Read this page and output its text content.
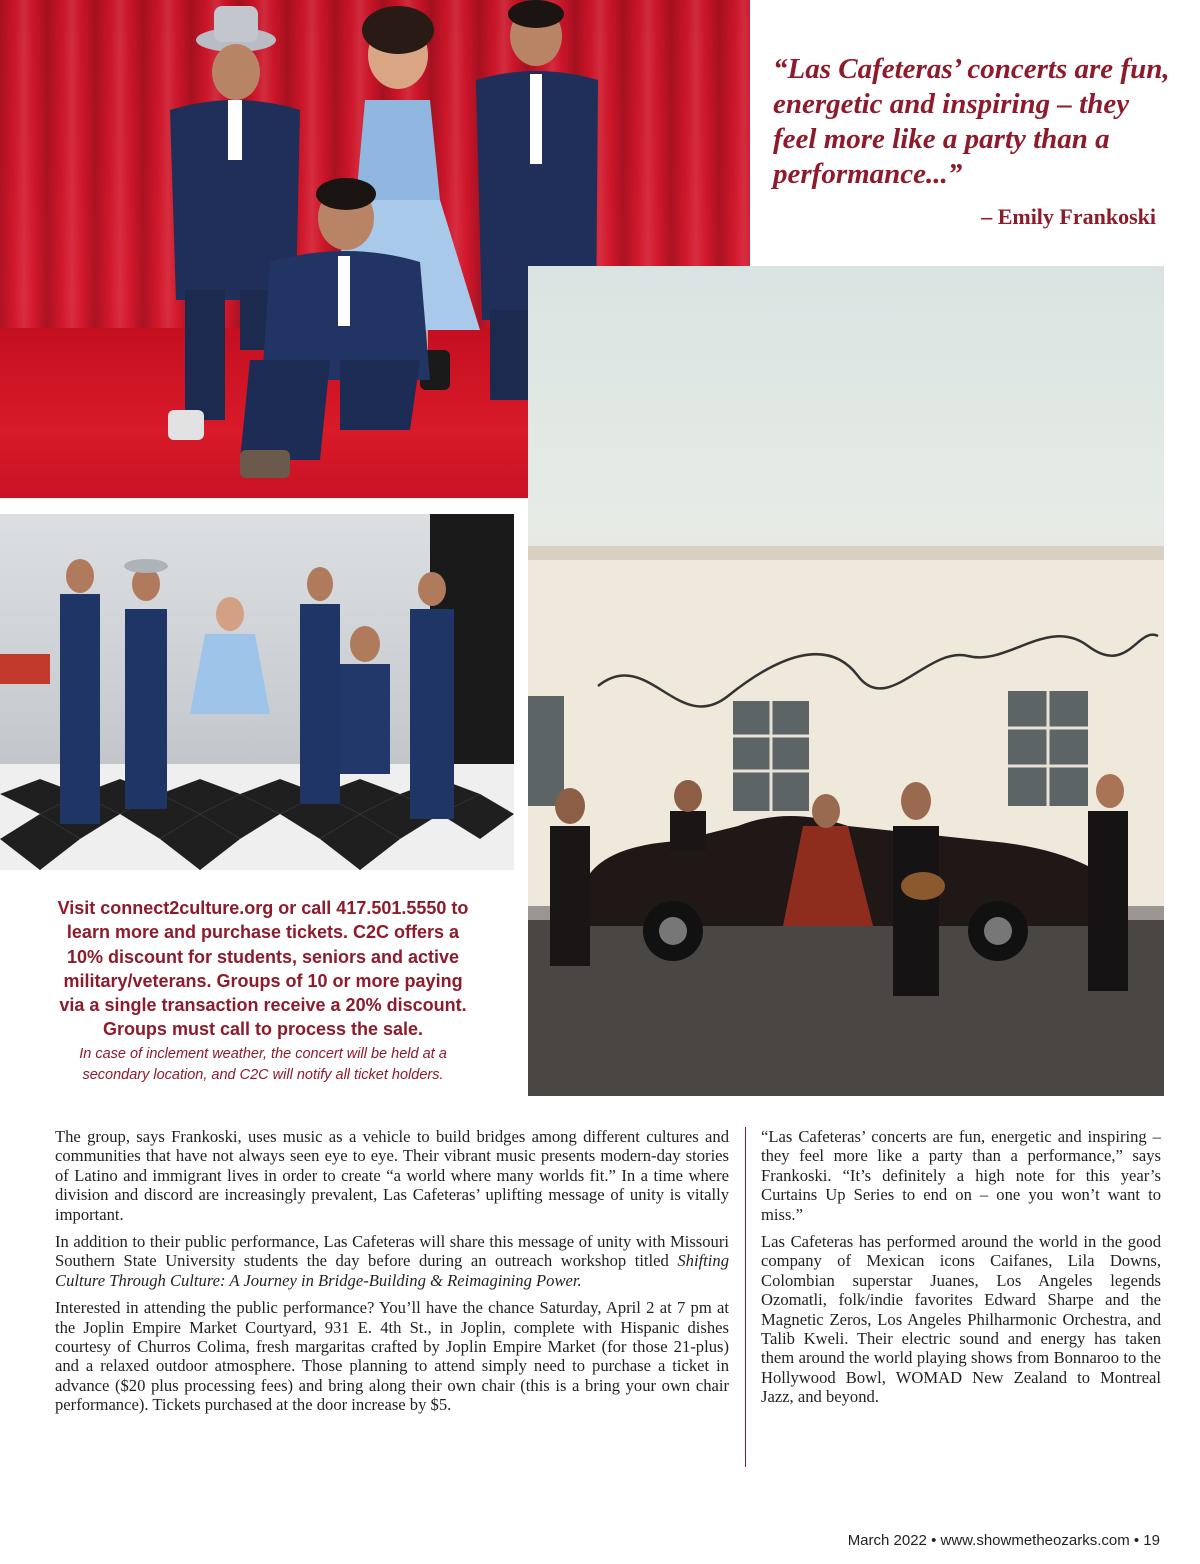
“Las Cafeteras’ concerts are fun, energetic and inspiring – they feel more like a party than a performance...”

– Emily Frankoski
Visit connect2culture.org or call 417.501.5550 to learn more and purchase tickets. C2C offers a 10% discount for students, seniors and active military/veterans. Groups of 10 or more paying via a single transaction receive a 20% discount. Groups must call to process the sale.
In case of inclement weather, the concert will be held at a secondary location, and C2C will notify all ticket holders.

The group, says Frankoski, uses music as a vehicle to build bridges among different cultures and communities that have not always seen eye to eye. Their vibrant music presents modern-day stories of Latino and immigrant lives in order to create “a world where many worlds fit.” In a time where division and discord are increasingly prevalent, Las Cafeteras’ uplifting message of unity is vitally important.

In addition to their public performance, Las Cafeteras will share this message of unity with Missouri Southern State University students the day before during an outreach workshop titled Shifting Culture Through Culture: A Journey in Bridge-Building & Reimagining Power.

Interested in attending the public performance? You’ll have the chance Saturday, April 2 at 7 pm at the Joplin Empire Market Courtyard, 931 E. 4th St., in Joplin, complete with Hispanic dishes courtesy of Churros Colima, fresh margaritas crafted by Joplin Empire Market (for those 21-plus) and a relaxed outdoor atmosphere. Those planning to attend simply need to purchase a ticket in advance ($20 plus processing fees) and bring along their own chair (this is a bring your own chair performance). Tickets purchased at the door increase by $5.

“Las Cafeteras’ concerts are fun, energetic and inspiring – they feel more like a party than a performance,” says Frankoski. “It’s definitely a high note for this year’s Curtains Up Series to end on – one you won’t want to miss.”

Las Cafeteras has performed around the world in the good company of Mexican icons Caifanes, Lila Downs, Colombian superstar Juanes, Los Angeles legends Ozomatli, folk/indie favorites Edward Sharpe and the Magnetic Zeros, Los Angeles Philharmonic Orchestra, and Talib Kweli. Their electric sound and energy has taken them around the world playing shows from Bonnaroo to the Hollywood Bowl, WOMAD New Zealand to Montreal Jazz, and beyond.

March 2022 • www.showmetheozarks.com • 19
